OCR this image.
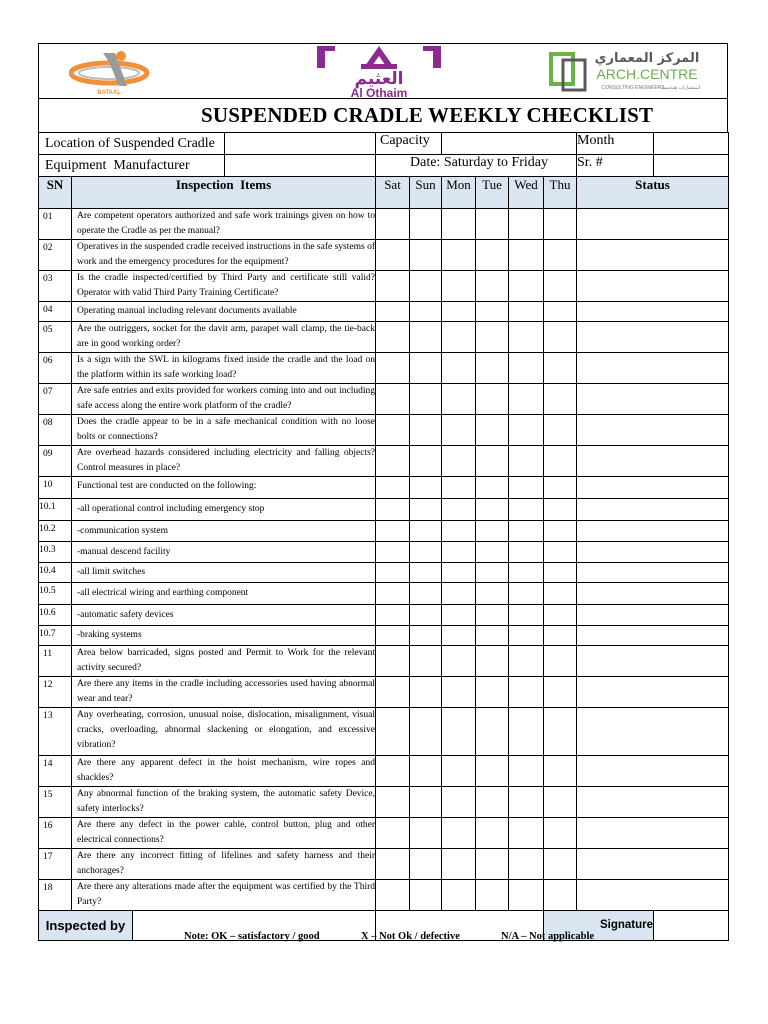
BATAAL
العثيم
Al Othaim
المركز المعماري
ARCH.CENTRE
CONSULTING ENGINEERS
استشارات هندسية
SUSPENDED CRADLE WEEKLY CHECKLIST
Location of Suspended Cradle		Capacity						Month	

Equipment  Manufacturer		Date: Saturday to Friday						Sr. #	
SN	Inspection  Items	Sat	Sun	Mon	Tue	Wed	Thu	Status	
01	Are competent operators authorized and safe work trainings given on how to operate the Cradle as per the manual?								
02	Operatives in the suspended cradle received instructions in the safe systems of work and the emergency procedures for the equipment?								
03	Is the cradle inspected/certified by Third Party and certificate still valid? Operator with valid Third Party Training Certificate?								
04	Operating manual including relevant documents available								
05	Are the outriggers, socket for the davit arm, parapet wall clamp, the tie-back are in good working order?								
06	Is a sign with the SWL in kilograms fixed inside the cradle and the load on the platform within its safe working load?								
07	Are safe entries and exits provided for workers coming into and out including safe access along the entire work platform of the cradle?								
08	Does the cradle appear to be in a safe mechanical condition with no loose bolts or connections?								
09	Are overhead hazards considered including electricity and falling objects? Control measures in place?								
10	Functional test are conducted on the following:								
10.1	-all operational control including emergency stop								
10.2	-communication system								
10.3	-manual descend facility								
10.4	-all limit switches								
10.5	-all electrical wiring and earthing component								
10.6	-automatic safety devices								
10.7	-braking systems								
11	Area below barricaded, signs posted and Permit to Work for the relevant activity secured?								
12	Are there any items in the cradle including accessories used having abnormal wear and tear?								
13	Any overheating, corrosion, unusual noise, dislocation, misalignment, visual cracks, overloading, abnormal slackening or elongation, and excessive vibration?								
14	Are there any apparent defect in the hoist mechanism, wire ropes and shackles?								
15	Any abnormal function of the braking system, the automatic safety Device, safety interlocks?								
16	Are there any defect in the power cable, control button, plug and other electrical connections?								
17	Are there any incorrect fitting of lifelines and safety harness and their anchorages?								
18	Are there any alterations made after the equipment was certified by the Third Party?								

Inspected by							Signature		

Note: OK – satisfactory / good	X – Not Ok / defective	N/A – Not applicable
